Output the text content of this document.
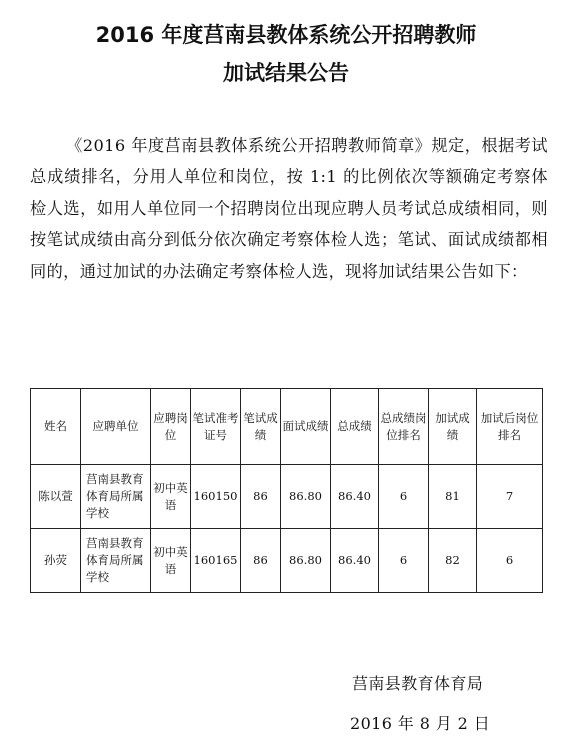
2016 年度莒南县教体系统公开招聘教师
加试结果公告

《2016 年度莒南县教体系统公开招聘教师简章》规定，根据考试总成绩排名，分用人单位和岗位，按 1:1 的比例依次等额确定考察体检人选，如用人单位同一个招聘岗位出现应聘人员考试总成绩相同，则按笔试成绩由高分到低分依次确定考察体检人选；笔试、面试成绩都相同的，通过加试的办法确定考察体检人选，现将加试结果公告如下：

姓名	应聘单位	应聘岗位	笔试准考证号	笔试成绩	面试成绩	总成绩	总成绩岗位排名	加试成绩	加试后岗位排名
陈以萱	莒南县教育体育局所属学校	初中英语	160150	86	86.80	86.40	6	81	7
孙荧	莒南县教育体育局所属学校	初中英语	160165	86	86.80	86.40	6	82	6

莒南县教育体育局

2016 年 8 月 2 日
